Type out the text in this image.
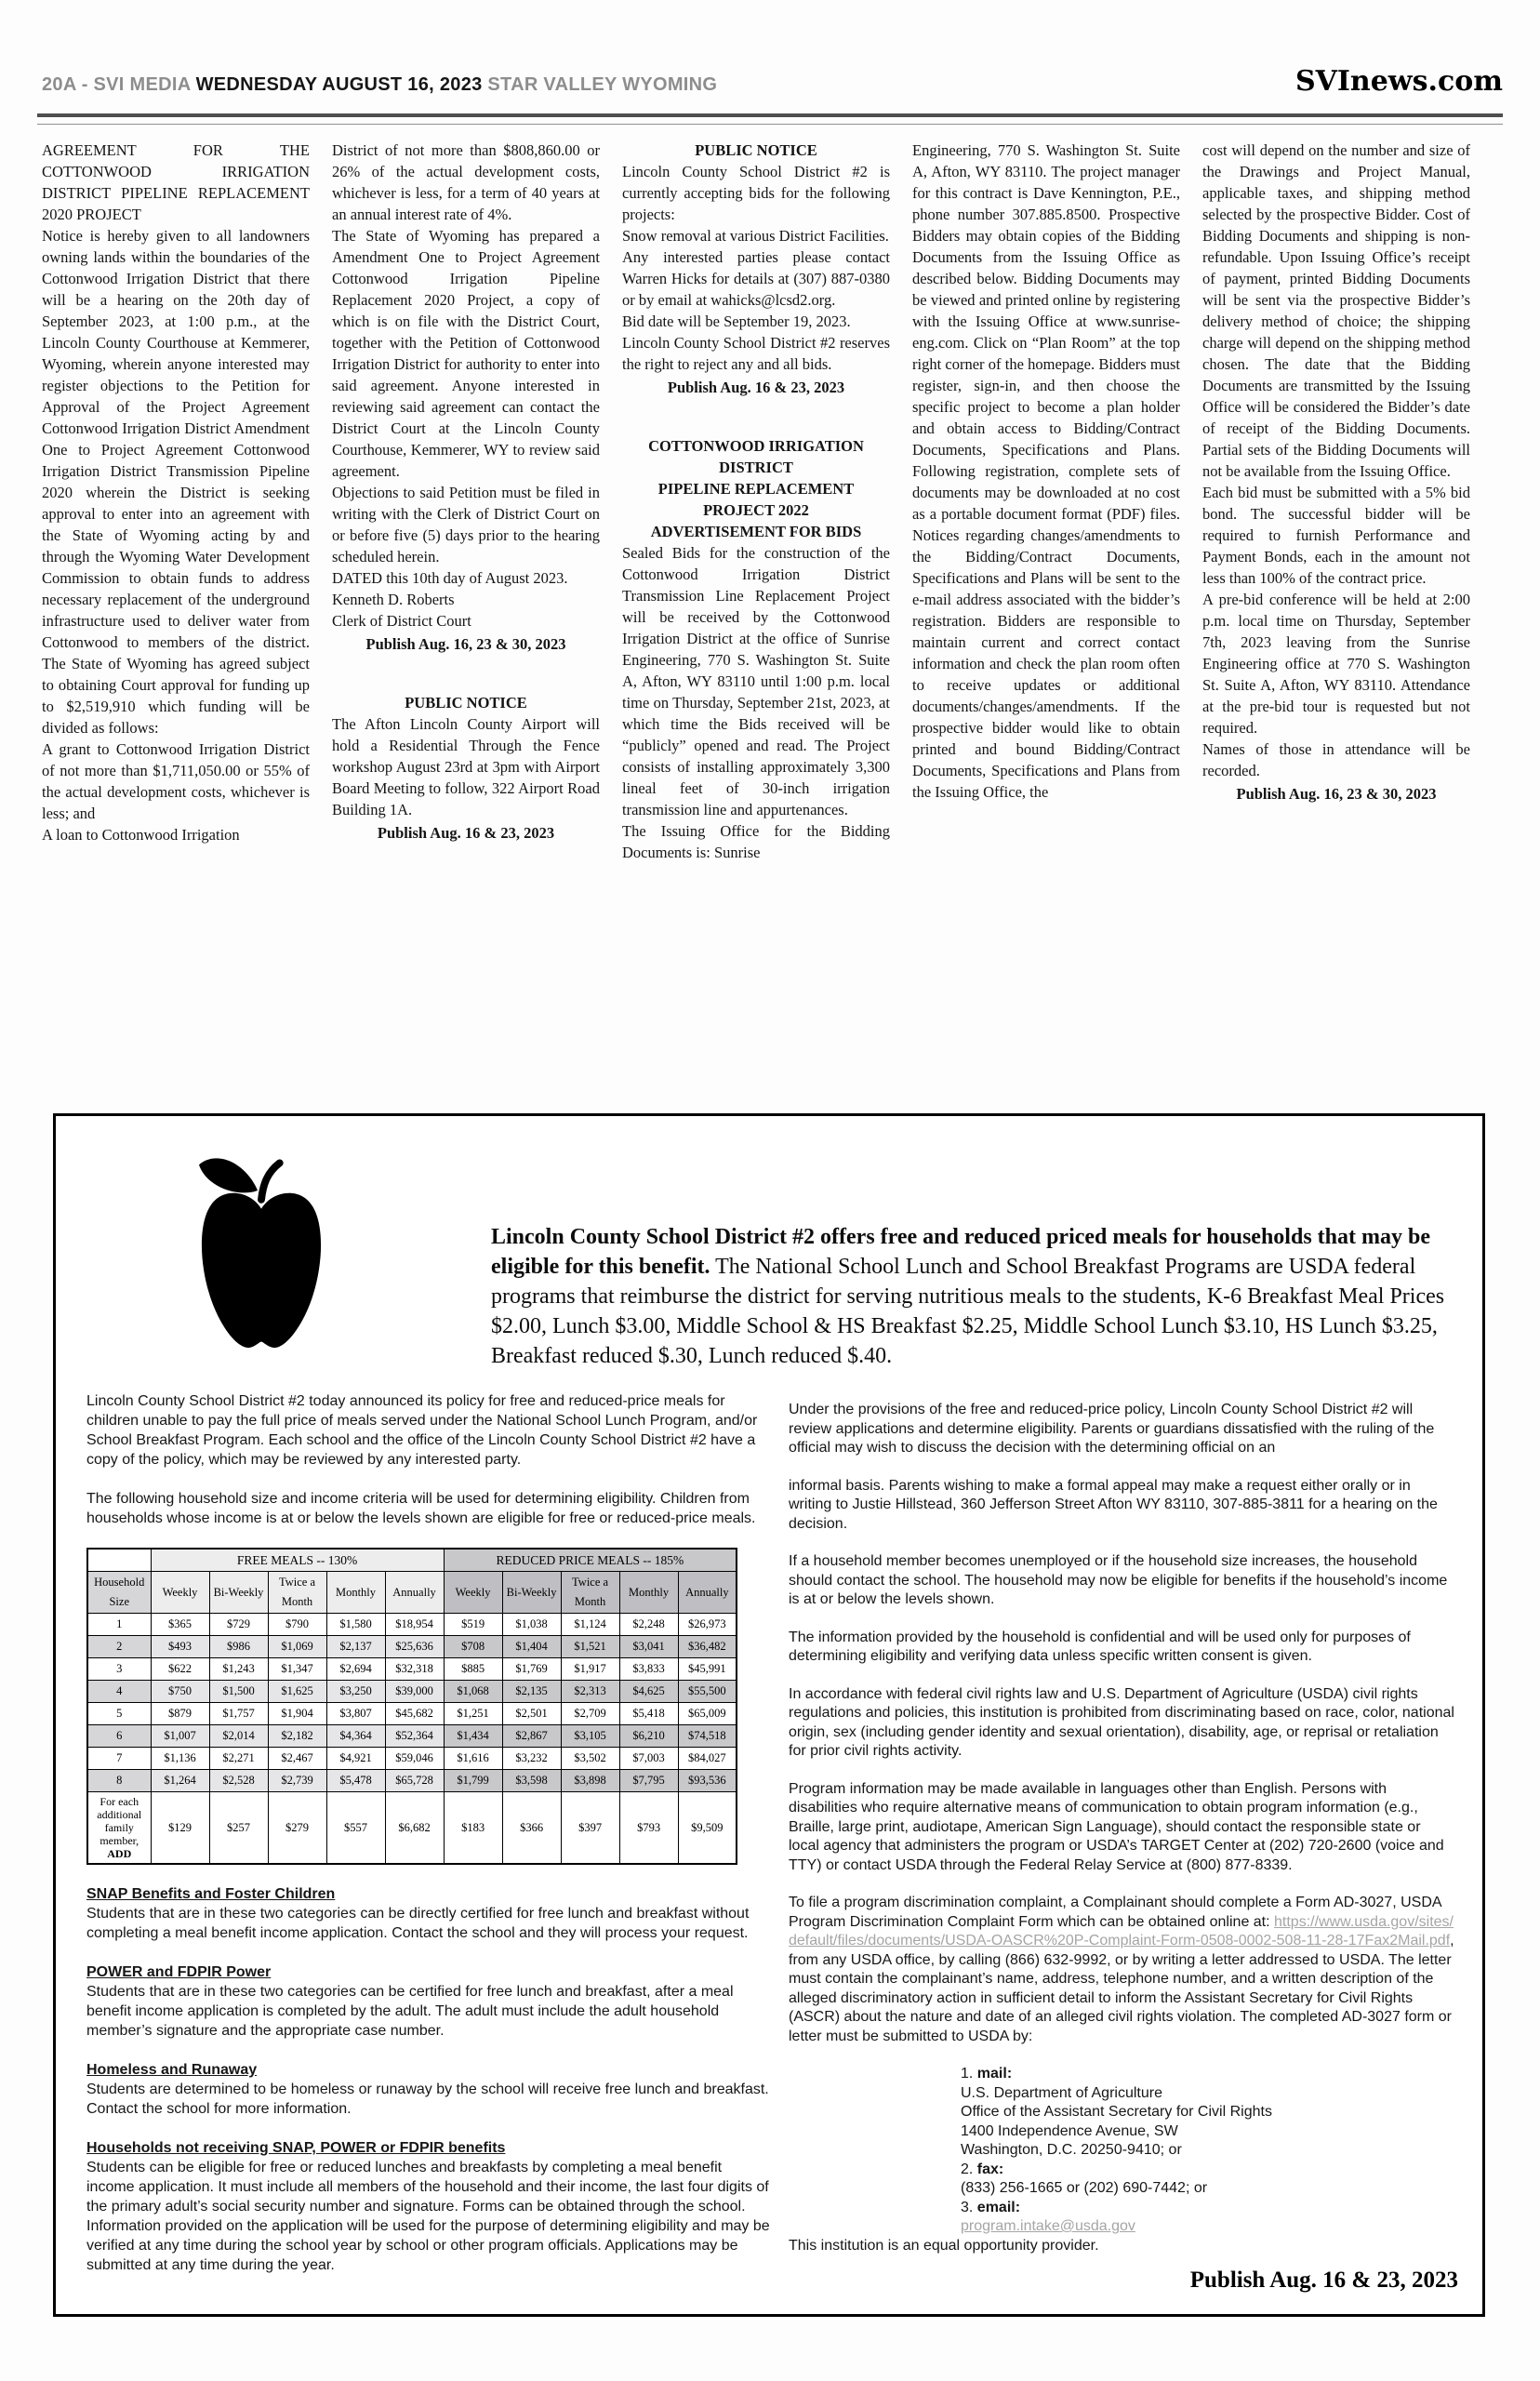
20A - SVI MEDIA WEDNESDAY AUGUST 16, 2023 STAR VALLEY WYOMING	SVInews.com
AGREEMENT FOR THE COTTONWOOD IRRIGATION DISTRICT PIPELINE REPLACEMENT 2020 PROJECT
Notice is hereby given to all landowners owning lands within the boundaries of the Cottonwood Irrigation District that there will be a hearing on the 20th day of September 2023, at 1:00 p.m., at the Lincoln County Courthouse at Kemmerer, Wyoming, wherein anyone interested may register objections to the Petition for Approval of the Project Agreement Cottonwood Irrigation District Amendment One to Project Agreement Cottonwood Irrigation District Transmission Pipeline 2020 wherein the District is seeking approval to enter into an agreement with the State of Wyoming acting by and through the Wyoming Water Development Commission to obtain funds to address necessary replacement of the underground infrastructure used to deliver water from Cottonwood to members of the district. The State of Wyoming has agreed subject to obtaining Court approval for funding up to $2,519,910 which funding will be divided as follows:
A grant to Cottonwood Irrigation District of not more than $1,711,050.00 or 55% of the actual development costs, whichever is less; and
A loan to Cottonwood Irrigation
District of not more than $808,860.00 or 26% of the actual development costs, whichever is less, for a term of 40 years at an annual interest rate of 4%.
The State of Wyoming has prepared a Amendment One to Project Agreement Cottonwood Irrigation Pipeline Replacement 2020 Project, a copy of which is on file with the District Court, together with the Petition of Cottonwood Irrigation District for authority to enter into said agreement. Anyone interested in reviewing said agreement can contact the District Court at the Lincoln County Courthouse, Kemmerer, WY to review said agreement.
Objections to said Petition must be filed in writing with the Clerk of District Court on or before five (5) days prior to the hearing scheduled herein.
DATED this 10th day of August 2023.
Kenneth D. Roberts
Clerk of District Court
Publish Aug. 16, 23 & 30, 2023
PUBLIC NOTICE
The Afton Lincoln County Airport will hold a Residential Through the Fence workshop August 23rd at 3pm with Airport Board Meeting to follow, 322 Airport Road Building 1A.
Publish Aug. 16 & 23, 2023
PUBLIC NOTICE
Lincoln County School District #2 is currently accepting bids for the following projects:
Snow removal at various District Facilities.
Any interested parties please contact Warren Hicks for details at (307) 887-0380 or by email at wahicks@lcsd2.org.
Bid date will be September 19, 2023.
Lincoln County School District #2 reserves the right to reject any and all bids.
Publish Aug. 16 & 23, 2023
COTTONWOOD IRRIGATION
DISTRICT
PIPELINE REPLACEMENT
PROJECT 2022
ADVERTISEMENT FOR BIDS
Sealed Bids for the construction of the Cottonwood Irrigation District Transmission Line Replacement Project will be received by the Cottonwood Irrigation District at the office of Sunrise Engineering, 770 S. Washington St. Suite A, Afton, WY 83110 until 1:00 p.m. local time on Thursday, September 21st, 2023, at which time the Bids received will be “publicly” opened and read. The Project consists of installing approximately 3,300 lineal feet of 30-inch irrigation transmission line and appurtenances.
The Issuing Office for the Bidding Documents is: Sunrise
Engineering, 770 S. Washington St. Suite A, Afton, WY 83110. The project manager for this contract is Dave Kennington, P.E., phone number 307.885.8500. Prospective Bidders may obtain copies of the Bidding Documents from the Issuing Office as described below. Bidding Documents may be viewed and printed online by registering with the Issuing Office at www.sunrise-eng.com. Click on “Plan Room” at the top right corner of the homepage. Bidders must register, sign-in, and then choose the specific project to become a plan holder and obtain access to Bidding/Contract Documents, Specifications and Plans. Following registration, complete sets of documents may be downloaded at no cost as a portable document format (PDF) files. Notices regarding changes/amendments to the Bidding/Contract Documents, Specifications and Plans will be sent to the e-mail address associated with the bidder’s registration. Bidders are responsible to maintain current and correct contact information and check the plan room often to receive updates or additional documents/changes/amendments. If the prospective bidder would like to obtain printed and bound Bidding/Contract Documents, Specifications and Plans from the Issuing Office, the
cost will depend on the number and size of the Drawings and Project Manual, applicable taxes, and shipping method selected by the prospective Bidder. Cost of Bidding Documents and shipping is non-refundable. Upon Issuing Office’s receipt of payment, printed Bidding Documents will be sent via the prospective Bidder’s delivery method of choice; the shipping charge will depend on the shipping method chosen. The date that the Bidding Documents are transmitted by the Issuing Office will be considered the Bidder’s date of receipt of the Bidding Documents. Partial sets of the Bidding Documents will not be available from the Issuing Office.
Each bid must be submitted with a 5% bid bond. The successful bidder will be required to furnish Performance and Payment Bonds, each in the amount not less than 100% of the contract price.
A pre-bid conference will be held at 2:00 p.m. local time on Thursday, September 7th, 2023 leaving from the Sunrise Engineering office at 770 S. Washington St. Suite A, Afton, WY 83110. Attendance at the pre-bid tour is requested but not required.
Names of those in attendance will be recorded.
Publish Aug. 16, 23 & 30, 2023
Lincoln County School District #2 offers free and reduced priced meals for households that may be eligible for this benefit. The National School Lunch and School Breakfast Programs are USDA federal programs that reimburse the district for serving nutritious meals to the students, K-6 Breakfast Meal Prices $2.00, Lunch $3.00, Middle School & HS Breakfast $2.25, Middle School Lunch $3.10, HS Lunch $3.25, Breakfast reduced $.30, Lunch reduced $.40.

Lincoln County School District #2 today announced its policy for free and reduced-price meals for children unable to pay the full price of meals served under the National School Lunch Program, and/or School Breakfast Program. Each school and the office of the Lincoln County School District #2 have a copy of the policy, which may be reviewed by any interested party.

The following household size and income criteria will be used for determining eligibility. Children from households whose income is at or below the levels shown are eligible for free or reduced-price meals.

	FREE MEALS -- 130%					REDUCED PRICE MEALS -- 185%				
Household Size	Weekly	Bi-Weekly	Twice a Month	Monthly	Annually	Weekly	Bi-Weekly	Twice a Month	Monthly	Annually
1	$365	$729	$790	$1,580	$18,954	$519	$1,038	$1,124	$2,248	$26,973
2	$493	$986	$1,069	$2,137	$25,636	$708	$1,404	$1,521	$3,041	$36,482
3	$622	$1,243	$1,347	$2,694	$32,318	$885	$1,769	$1,917	$3,833	$45,991
4	$750	$1,500	$1,625	$3,250	$39,000	$1,068	$2,135	$2,313	$4,625	$55,500
5	$879	$1,757	$1,904	$3,807	$45,682	$1,251	$2,501	$2,709	$5,418	$65,009
6	$1,007	$2,014	$2,182	$4,364	$52,364	$1,434	$2,867	$3,105	$6,210	$74,518
7	$1,136	$2,271	$2,467	$4,921	$59,046	$1,616	$3,232	$3,502	$7,003	$84,027
8	$1,264	$2,528	$2,739	$5,478	$65,728	$1,799	$3,598	$3,898	$7,795	$93,536
For each additional family member,
ADD	$129	$257	$279	$557	$6,682	$183	$366	$397	$793	$9,509
SNAP Benefits and Foster Children
Students that are in these two categories can be directly certified for free lunch and breakfast without completing a meal benefit income application. Contact the school and they will process your request.
POWER and FDPIR Power
Students that are in these two categories can be certified for free lunch and breakfast, after a meal benefit income application is completed by the adult. The adult must include the adult household member’s signature and the appropriate case number.
Homeless and Runaway
Students are determined to be homeless or runaway by the school will receive free lunch and breakfast. Contact the school for more information.
Households not receiving SNAP, POWER or FDPIR benefits
Students can be eligible for free or reduced lunches and breakfasts by completing a meal benefit income application. It must include all members of the household and their income, the last four digits of the primary adult’s social security number and signature. Forms can be obtained through the school. Information provided on the application will be used for the purpose of determining eligibility and may be verified at any time during the school year by school or other program officials. Applications may be submitted at any time during the year.

Under the provisions of the free and reduced-price policy, Lincoln County School District #2 will review applications and determine eligibility. Parents or guardians dissatisfied with the ruling of the official may wish to discuss the decision with the determining official on an

informal basis. Parents wishing to make a formal appeal may make a request either orally or in writing to Justie Hillstead, 360 Jefferson Street Afton WY 83110, 307-885-3811 for a hearing on the decision.

If a household member becomes unemployed or if the household size increases, the household should contact the school. The household may now be eligible for benefits if the household’s income is at or below the levels shown.

The information provided by the household is confidential and will be used only for purposes of determining eligibility and verifying data unless specific written consent is given.

In accordance with federal civil rights law and U.S. Department of Agriculture (USDA) civil rights regulations and policies, this institution is prohibited from discriminating based on race, color, national origin, sex (including gender identity and sexual orientation), disability, age, or reprisal or retaliation for prior civil rights activity.

Program information may be made available in languages other than English. Persons with disabilities who require alternative means of communication to obtain program information (e.g., Braille, large print, audiotape, American Sign Language), should contact the responsible state or local agency that administers the program or USDA’s TARGET Center at (202) 720-2600 (voice and TTY) or contact USDA through the Federal Relay Service at (800) 877-8339.

To file a program discrimination complaint, a Complainant should complete a Form AD-3027, USDA Program Discrimination Complaint Form which can be obtained online at: https://www.usda.gov/sites/default/files/documents/USDA-OASCR%20P-Complaint-Form-0508-0002-508-11-28-17Fax2Mail.pdf, from any USDA office, by calling (866) 632-9992, or by writing a letter addressed to USDA. The letter must contain the complainant’s name, address, telephone number, and a written description of the alleged discriminatory action in sufficient detail to inform the Assistant Secretary for Civil Rights (ASCR) about the nature and date of an alleged civil rights violation. The completed AD-3027 form or letter must be submitted to USDA by:

1. mail:
U.S. Department of Agriculture
Office of the Assistant Secretary for Civil Rights
1400 Independence Avenue, SW
Washington, D.C. 20250-9410; or
2. fax:
(833) 256-1665 or (202) 690-7442; or
3. email:
program.intake@usda.gov

This institution is an equal opportunity provider.

Publish Aug. 16 & 23, 2023
